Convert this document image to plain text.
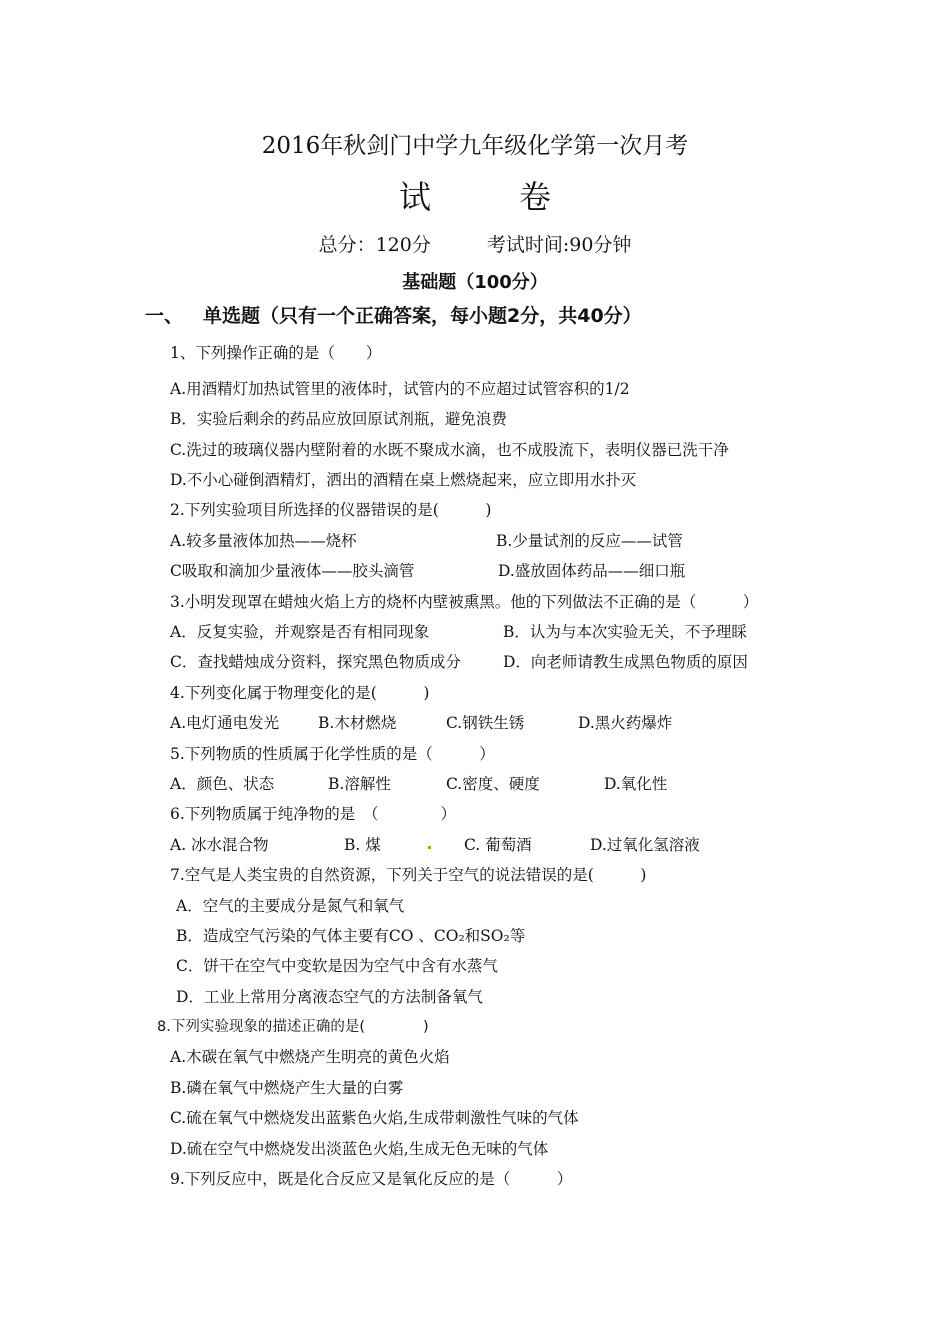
2016年秋剑门中学九年级化学第一次月考
试	卷
总分：120分	考试时间:90分钟
基础题（100分）
一、 单选题（只有一个正确答案，每小题2分，共40分）
1、下列操作正确的是（　　）
A.用酒精灯加热试管里的液体时，试管内的不应超过试管容积的1/2
B．实验后剩余的药品应放回原试剂瓶，避免浪费
C.洗过的玻璃仪器内壁附着的水既不聚成水滴，也不成股流下，表明仪器已洗干净
D.不小心碰倒酒精灯，洒出的酒精在桌上燃烧起来，应立即用水扑灭
2.下列实验项目所选择的仪器错误的是(　　　)
A.较多量液体加热——烧杯	B.少量试剂的反应——试管
C吸取和滴加少量液体——胶头滴管	D.盛放固体药品——细口瓶
3.小明发现罩在蜡烛火焰上方的烧杯内壁被熏黑。他的下列做法不正确的是（　　　）
A．反复实验，并观察是否有相同现象	B．认为与本次实验无关，不予理睬
C．查找蜡烛成分资料，探究黑色物质成分	D．向老师请教生成黑色物质的原因
4.下列变化属于物理变化的是(　　　)
A.电灯通电发光	B.木材燃烧	C.钢铁生锈	D.黑火药爆炸
5.下列物质的性质属于化学性质的是（　　　）
A．颜色、状态	B.溶解性	C.密度、硬度	D.氧化性
6.下列物质属于纯净物的是　（　　　　）
A. 冰水混合物	B. 煤	C. 葡萄酒	D.过氧化氢溶液
7.空气是人类宝贵的自然资源，下列关于空气的说法错误的是(　　　)
A．空气的主要成分是氮气和氧气
B．造成空气污染的气体主要有CO 、CO₂和SO₂等
C．饼干在空气中变软是因为空气中含有水蒸气
D．工业上常用分离液态空气的方法制备氧气
8.下列实验现象的描述正确的是(　　　　)
A.木碳在氧气中燃烧产生明亮的黄色火焰
B.磷在氧气中燃烧产生大量的白雾
C.硫在氧气中燃烧发出蓝紫色火焰,生成带刺激性气味的气体
D.硫在空气中燃烧发出淡蓝色火焰,生成无色无味的气体
9.下列反应中，既是化合反应又是氧化反应的是（　　　）
